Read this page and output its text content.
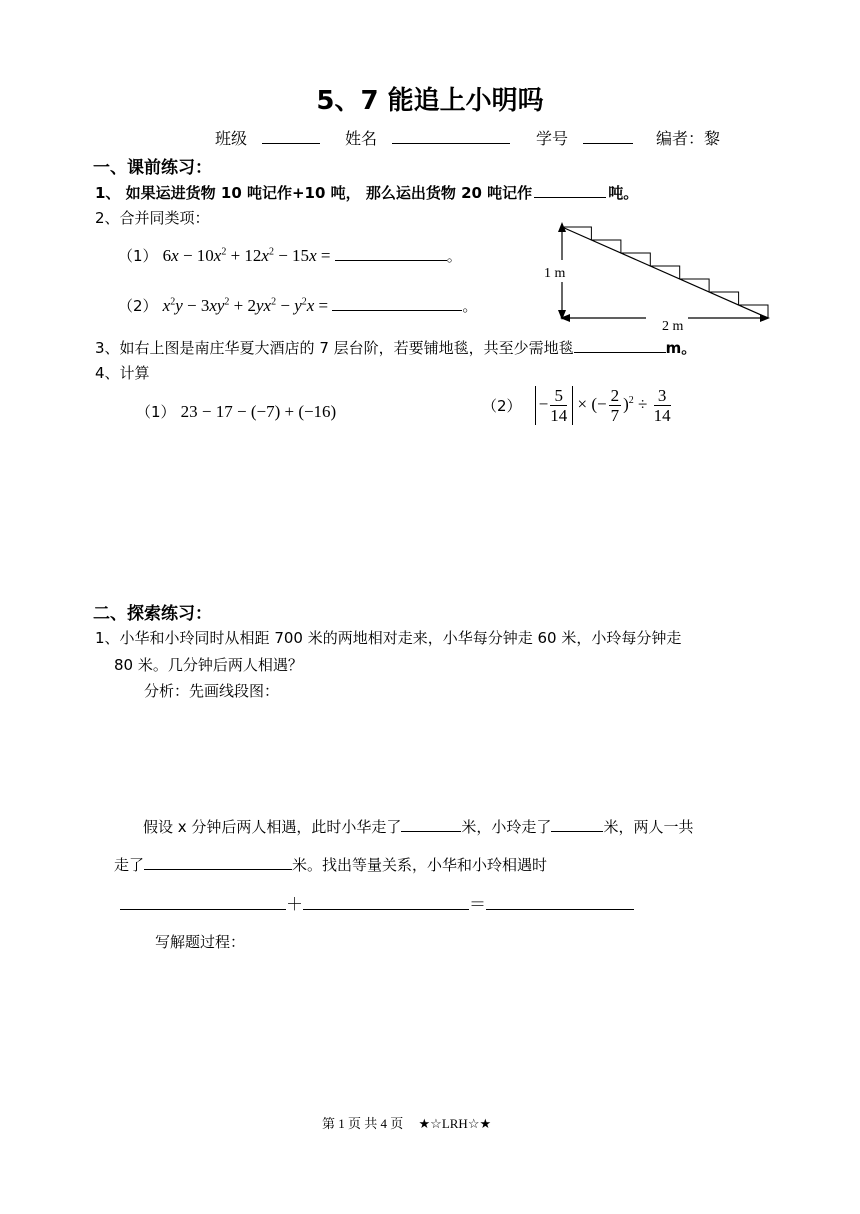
5、7 能追上小明吗
班级	姓名	学号	编者：黎
一、课前练习：
1、 如果运进货物 10 吨记作+10 吨， 那么运出货物 20 吨记作	吨。
2、合并同类项：
（1） $6x - 10x^2 + 12x^2 - 15x$ =	。
（2） $x^2y - 3xy^2 + 2yx^2 - y^2x$ =	。
1 m
2 m
3、如右上图是南庄华夏大酒店的 7 层台阶，若要铺地毯，共至少需地毯	m。
4、计算
（1） 23 − 17 − (−7) + (−16)	$(2) - \frac{5}{14}$ × (− $\frac{2}{7} )^2 \div \frac{3}{14}$
二、探索练习：
1、小华和小玲同时从相距 700 米的两地相对走来，小华每分钟走 60 米，小玲每分钟走
80 米。几分钟后两人相遇？
分析：先画线段图：
假设 x 分钟后两人相遇，此时小华走了	米，小玲走了	米，两人一共
走了	米。找出等量关系，小华和小玲相遇时
＋	＝
写解题过程：
第 1 页 共 4 页 ★☆LRH☆★
